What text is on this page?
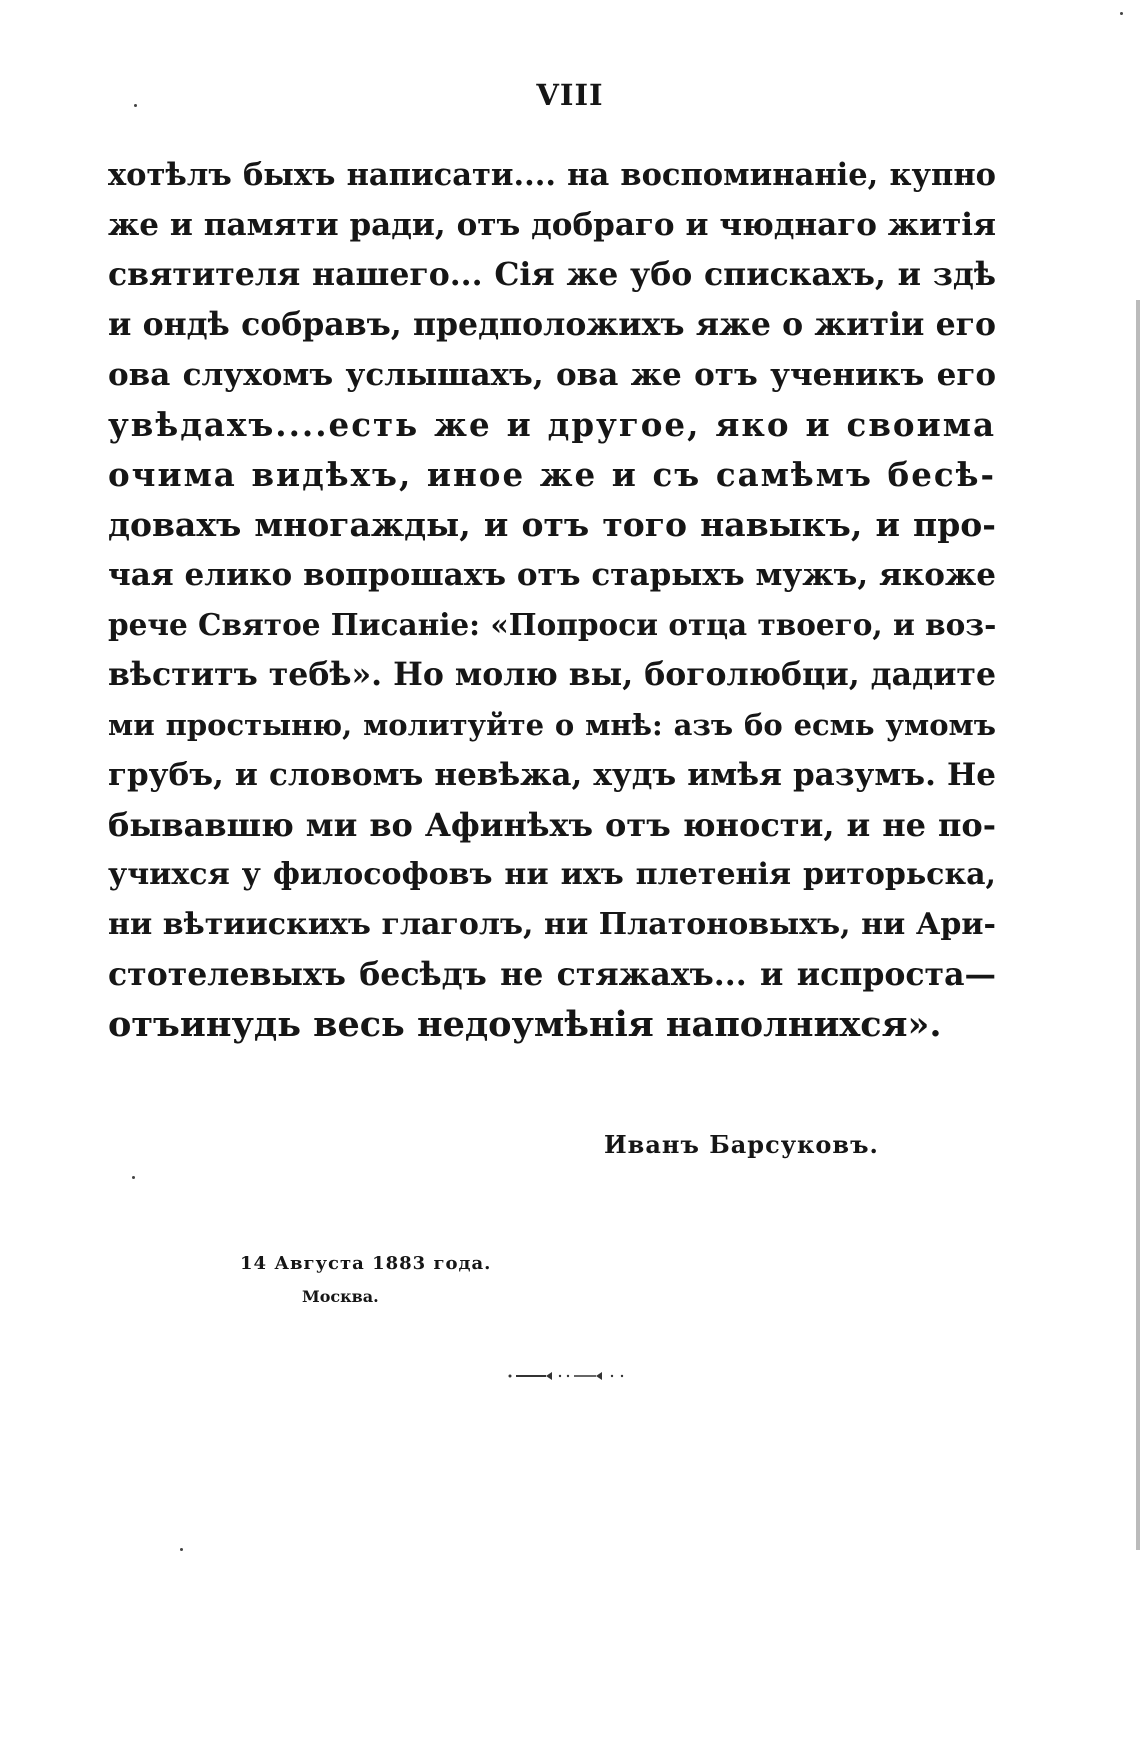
VIII
хотѣлъ быхъ написати.... на воспоминаніе, купно
же и памяти ради, отъ добраго и чюднаго житія
святителя нашего... Сія же убо спискахъ, и здѣ
и ондѣ собравъ, предположихъ яже о житіи его
ова слухомъ услышахъ, ова же отъ ученикъ его
увѣдахъ....есть же и другое, яко и своима
очима видѣхъ, иное же и съ самѣмъ бесѣ-
довахъ многажды, и отъ того навыкъ, и про-
чая елико вопрошахъ отъ старыхъ мужъ, якоже
рече Святое Писаніе: «Попроси отца твоего, и воз-
вѣститъ тебѣ». Но молю вы, боголюбци, дадите
ми простыню, молитуйте о мнѣ: азъ бо есмь умомъ
грубъ, и словомъ невѣжа, худъ имѣя разумъ. Не
бывавшю ми во Афинѣхъ отъ юности, и не по-
учихся у философовъ ни ихъ плетенія риторьска,
ни вѣтиискихъ глаголъ, ни Платоновыхъ, ни Ари-
стотелевыхъ бесѣдъ не стяжахъ... и испроста—
отъинудь весь недоумѣнія наполнихся».
Иванъ Барсуковъ.
14 Августа 1883 года.
Москва.
